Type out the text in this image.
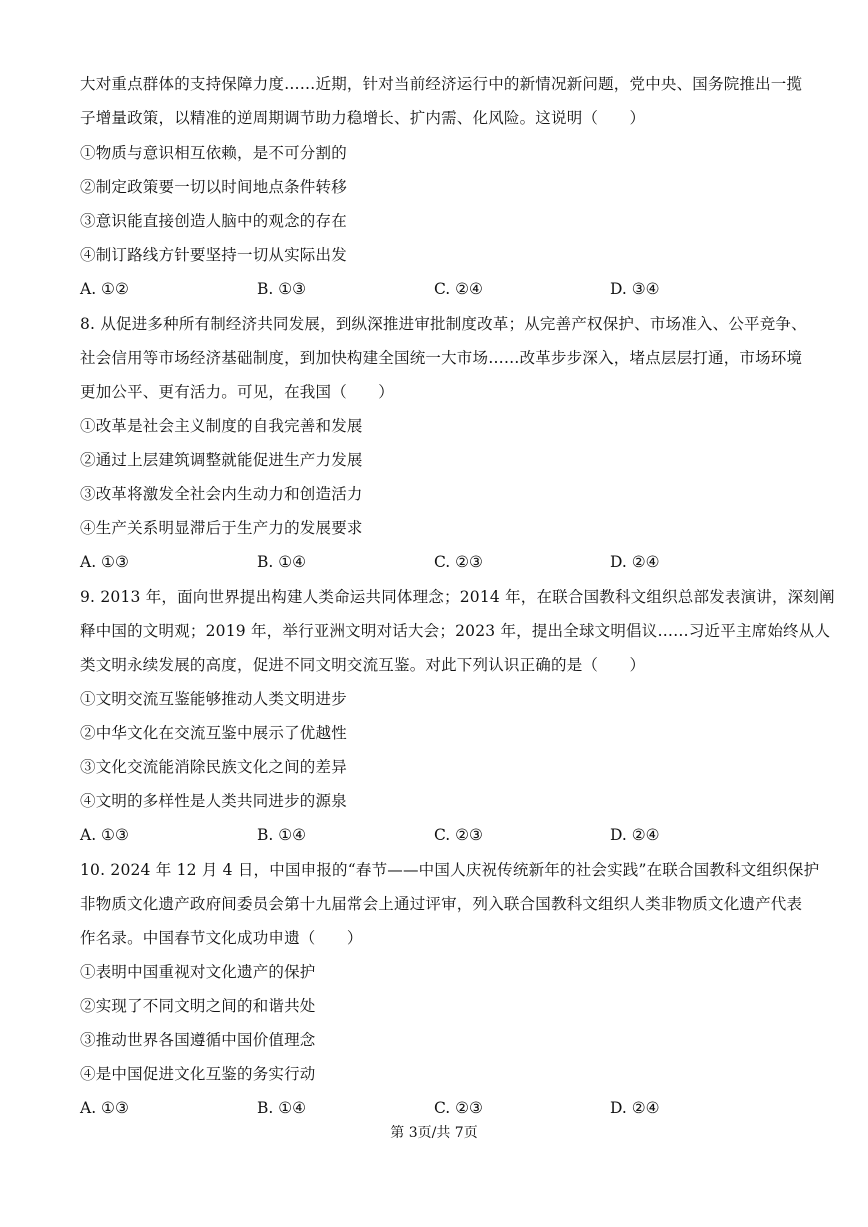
大对重点群体的支持保障力度……近期，针对当前经济运行中的新情况新问题，党中央、国务院推出一揽
子增量政策，以精准的逆周期调节助力稳增长、扩内需、化风险。这说明（　　）
①物质与意识相互依赖，是不可分割的
②制定政策要一切以时间地点条件转移
③意识能直接创造人脑中的观念的存在
④制订路线方针要坚持一切从实际出发
A. ①②	B. ①③	C. ②④	D. ③④
8. 从促进多种所有制经济共同发展，到纵深推进审批制度改革；从完善产权保护、市场准入、公平竞争、
社会信用等市场经济基础制度，到加快构建全国统一大市场……改革步步深入，堵点层层打通，市场环境
更加公平、更有活力。可见，在我国（　　）
①改革是社会主义制度的自我完善和发展
②通过上层建筑调整就能促进生产力发展
③改革将激发全社会内生动力和创造活力
④生产关系明显滞后于生产力的发展要求
A. ①③	B. ①④	C. ②③	D. ②④
9. 2013 年，面向世界提出构建人类命运共同体理念；2014 年，在联合国教科文组织总部发表演讲，深刻阐
释中国的文明观；2019 年，举行亚洲文明对话大会；2023 年，提出全球文明倡议……习近平主席始终从人
类文明永续发展的高度，促进不同文明交流互鉴。对此下列认识正确的是（　　）
①文明交流互鉴能够推动人类文明进步
②中华文化在交流互鉴中展示了优越性
③文化交流能消除民族文化之间的差异
④文明的多样性是人类共同进步的源泉
A. ①③	B. ①④	C. ②③	D. ②④
10. 2024 年 12 月 4 日，中国申报的“春节——中国人庆祝传统新年的社会实践”在联合国教科文组织保护
非物质文化遗产政府间委员会第十九届常会上通过评审，列入联合国教科文组织人类非物质文化遗产代表
作名录。中国春节文化成功申遗（　　）
①表明中国重视对文化遗产的保护
②实现了不同文明之间的和谐共处
③推动世界各国遵循中国价值理念
④是中国促进文化互鉴的务实行动
A. ①③	B. ①④	C. ②③	D. ②④
第 3页/共 7页
